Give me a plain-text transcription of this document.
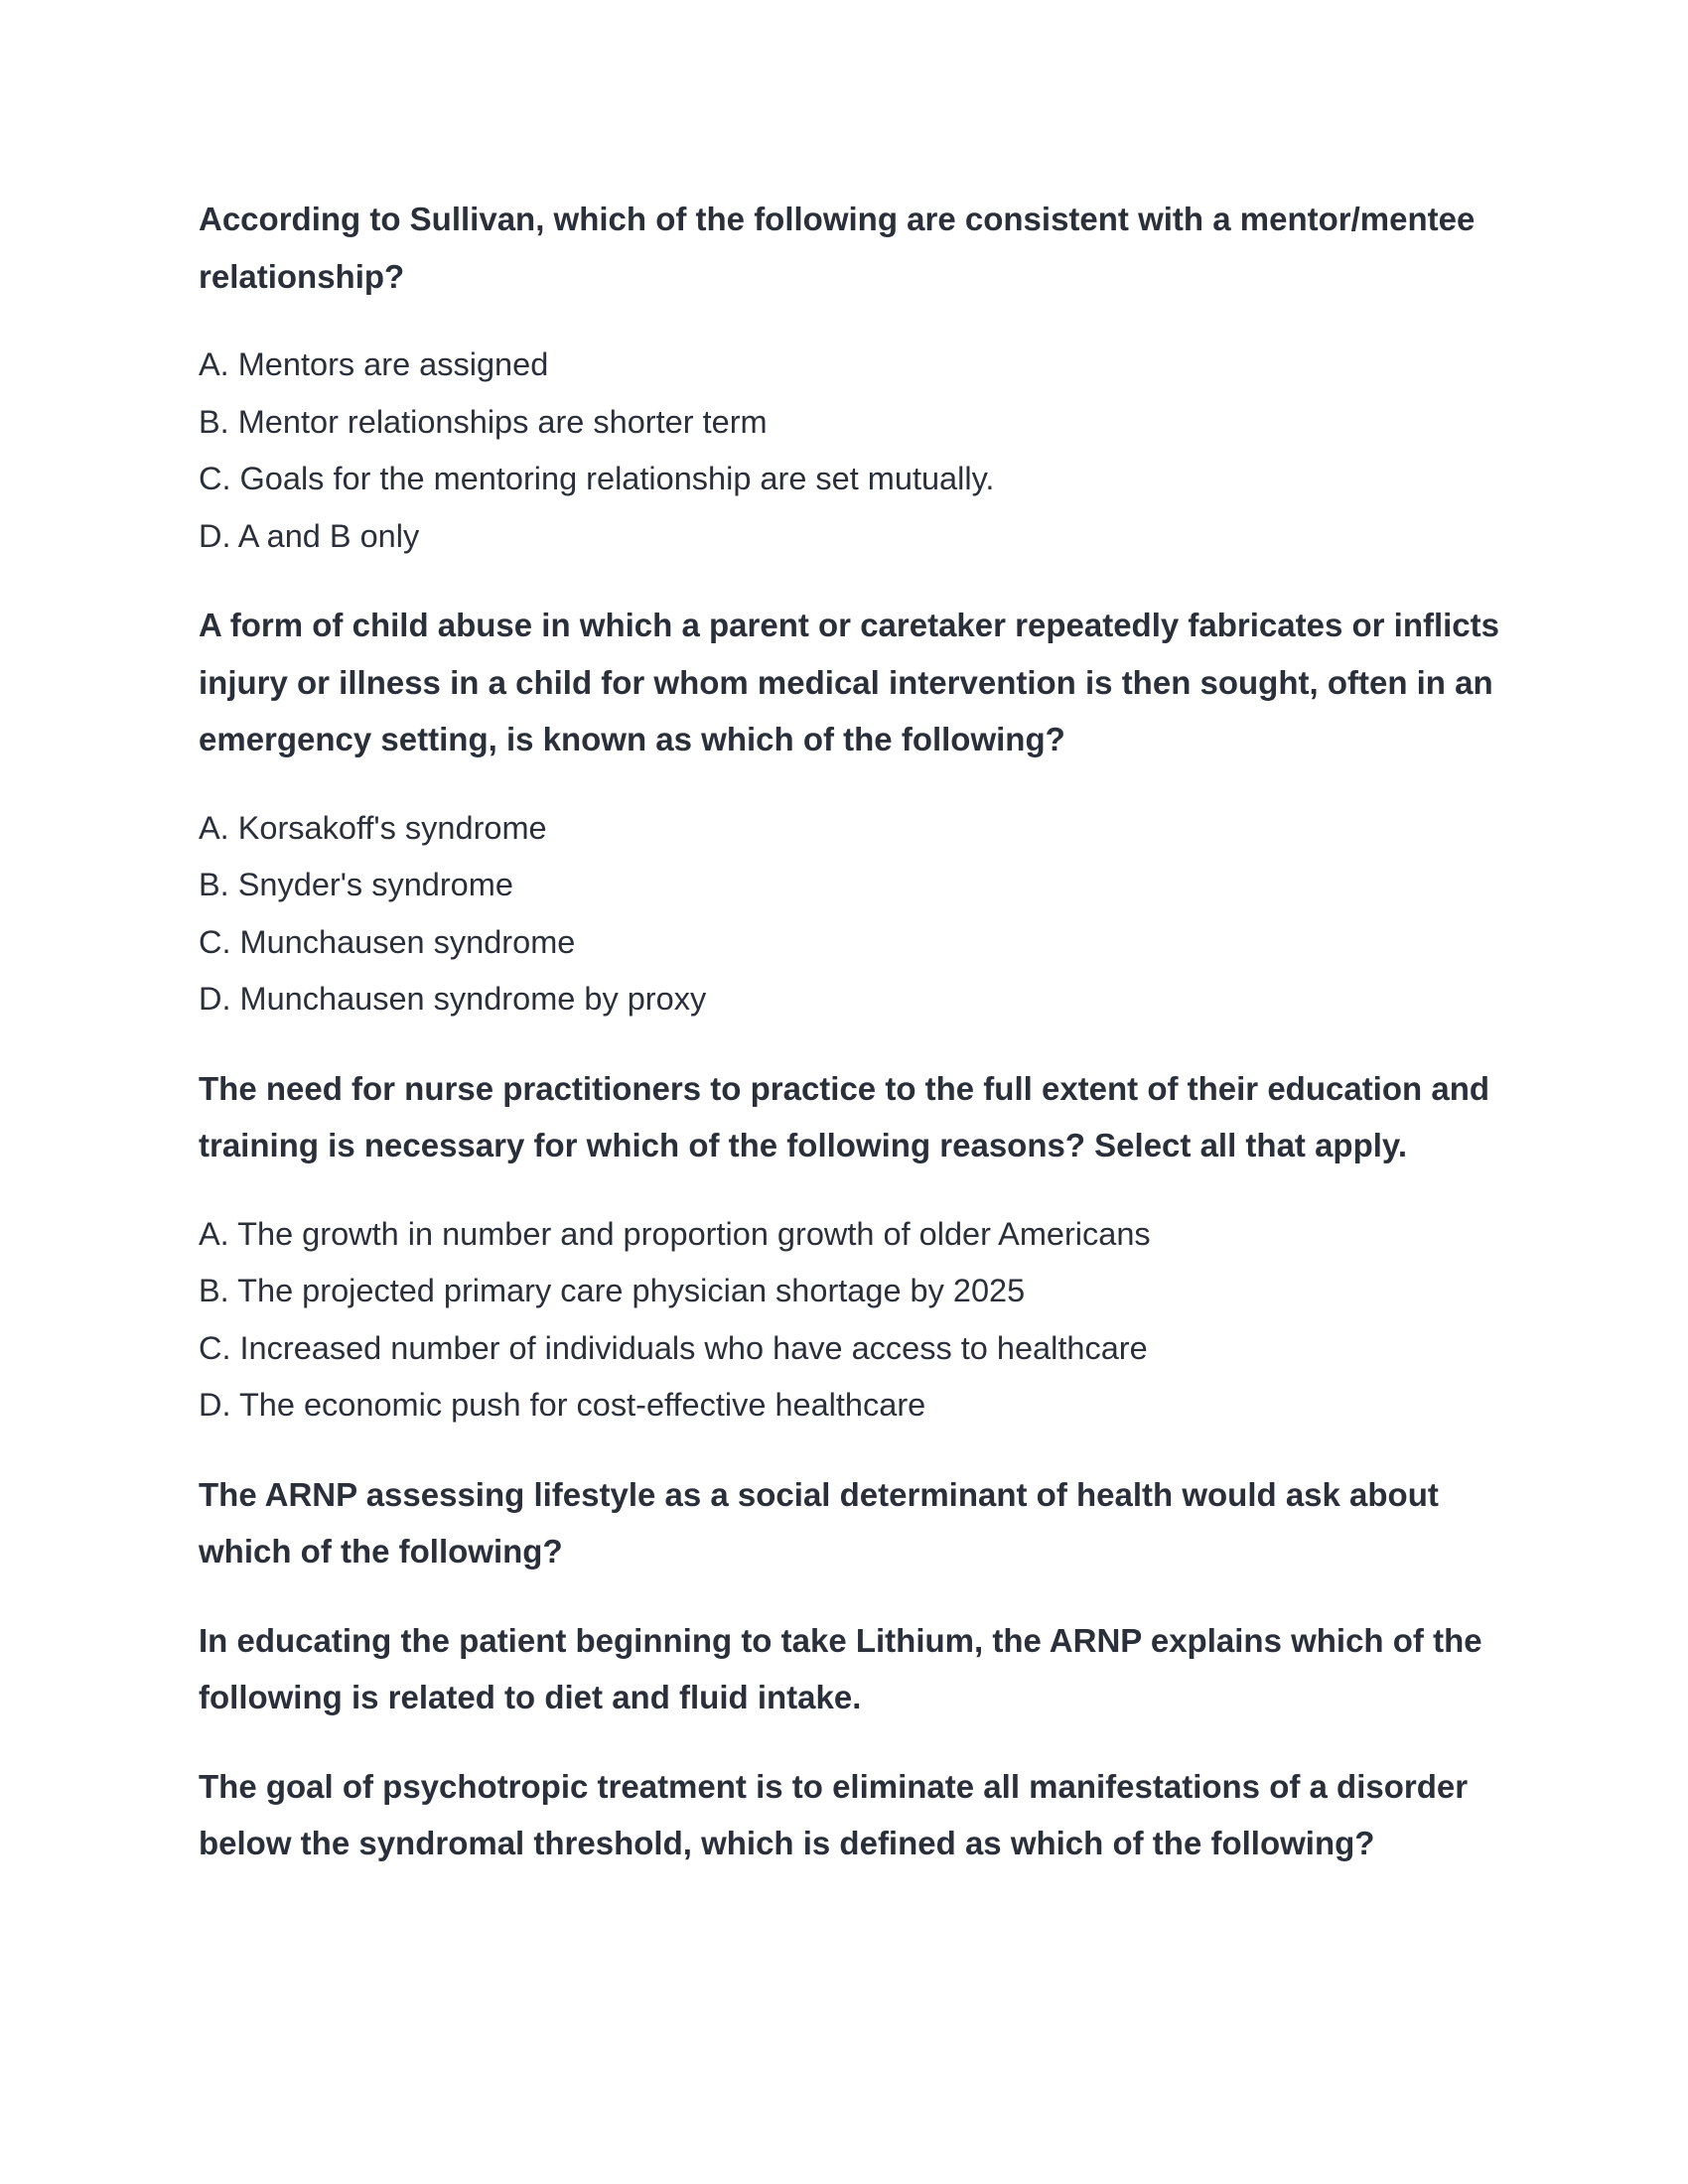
According to Sullivan, which of the following are consistent with a mentor/mentee relationship?

A. Mentors are assigned
B. Mentor relationships are shorter term
C. Goals for the mentoring relationship are set mutually.
D. A and B only

A form of child abuse in which a parent or caretaker repeatedly fabricates or inflicts injury or illness in a child for whom medical intervention is then sought, often in an emergency setting, is known as which of the following?

A. Korsakoff's syndrome
B. Snyder's syndrome
C. Munchausen syndrome
D. Munchausen syndrome by proxy

The need for nurse practitioners to practice to the full extent of their education and training is necessary for which of the following reasons? Select all that apply.

A. The growth in number and proportion growth of older Americans
B. The projected primary care physician shortage by 2025
C. Increased number of individuals who have access to healthcare
D. The economic push for cost-effective healthcare

The ARNP assessing lifestyle as a social determinant of health would ask about which of the following?

In educating the patient beginning to take Lithium, the ARNP explains which of the following is related to diet and fluid intake.

The goal of psychotropic treatment is to eliminate all manifestations of a disorder below the syndromal threshold, which is defined as which of the following?
